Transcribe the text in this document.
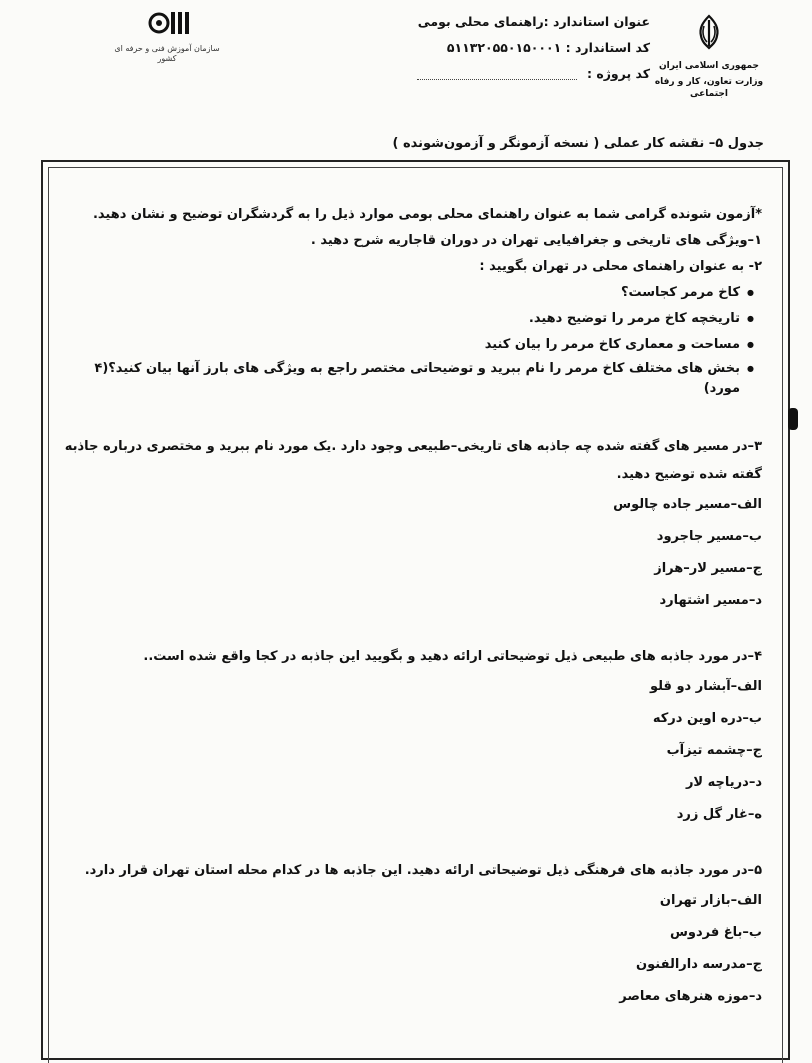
جمهوری اسلامی ایران
وزارت تعاون، کار و رفاه اجتماعی
عنوان استاندارد :راهنمای محلی بومی
کد استاندارد : ۵۱۱۳۲۰۵۵۰۱۵۰۰۰۱
کد پروژه :
سازمان آموزش فنی و حرفه ای کشور
جدول ۵– نقشه کار عملی ( نسخه آزمونگر و آزمون‌شونده )

*آزمون شونده گرامی شما به عنوان راهنمای محلی بومی موارد ذیل را به گردشگران توضیح و نشان دهید.

۱–ویژگی های تاریخی و جغرافیایی تهران در دوران قاجاریه شرح دهید .

۲- به عنوان راهنمای محلی در تهران بگویید :

● کاخ مرمر کجاست؟
● تاریخچه کاخ مرمر را توضیح دهید.
● مساحت و معماری کاخ مرمر را بیان کنید
● بخش های مختلف کاخ مرمر را نام ببرید و توضیحاتی مختصر راجع به ویژگی های بارز آنها بیان کنید؟(۴ مورد)

۳–در مسیر های گفته شده چه جاذبه های تاریخی–طبیعی وجود دارد .یک مورد نام ببرید و مختصری درباره جاذبه گفته شده توضیح دهید.

الف–مسیر جاده چالوس
ب–مسیر جاجرود
ج–مسیر لار–هراز
د–مسیر اشتهارد

۴–در مورد جاذبه های طبیعی ذیل توضیحاتی ارائه دهید و بگویید این جاذبه در کجا واقع شده است..

الف–آبشار دو قلو
ب–دره اوین درکه
ج–چشمه تیزآب
د–دریاچه لار
ه–غار گل زرد

۵–در مورد جاذبه های فرهنگی ذیل توضیحاتی ارائه دهید. این جاذبه ها در کدام محله استان تهران قرار دارد.

الف–بازار تهران
ب–باغ فردوس
ج–مدرسه دارالفنون
د–موزه هنرهای معاصر
